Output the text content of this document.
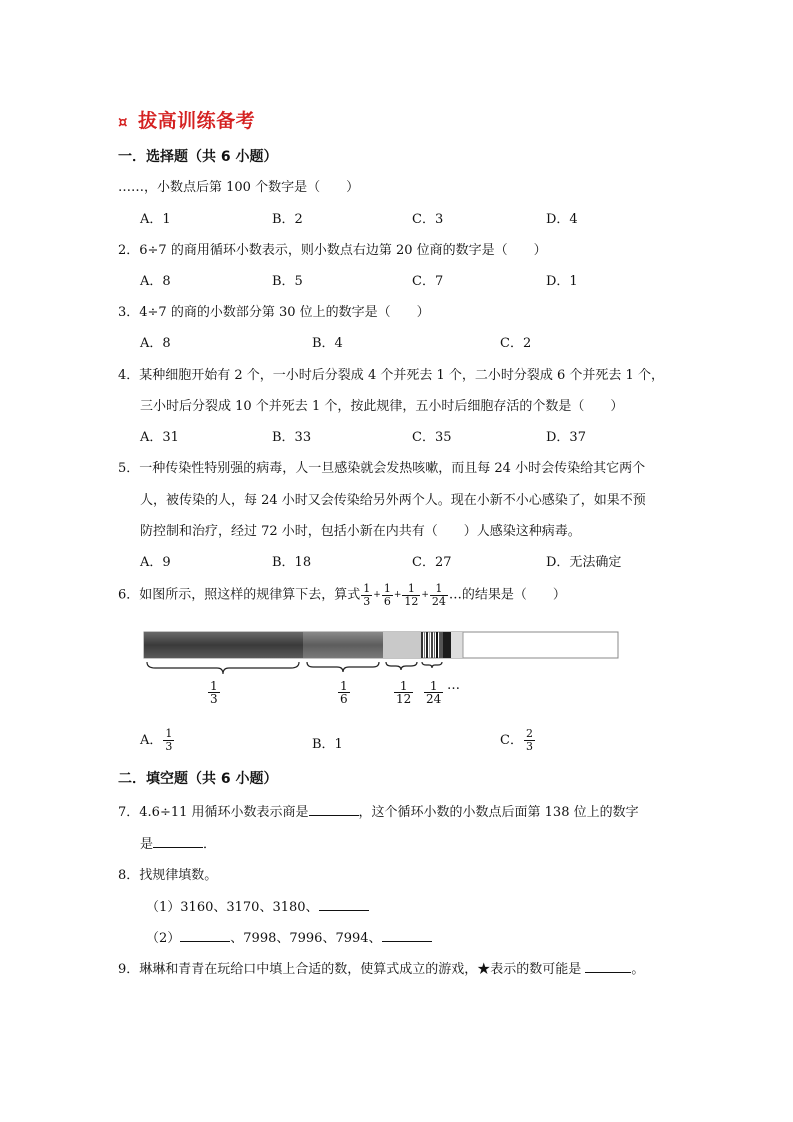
¤ 拔高训练备考
一．选择题（共 6 小题）
……，小数点后第 100 个数字是（　　）
A．1	B．2	C．3	D．4
2．6÷7 的商用循环小数表示，则小数点右边第 20 位商的数字是（　　）
A．8	B．5	C．7	D．1
3．4÷7 的商的小数部分第 30 位上的数字是（　　）
A．8	B．4	C．2
4．某种细胞开始有 2 个，一小时后分裂成 4 个并死去 1 个，二小时分裂成 6 个并死去 1 个，
三小时后分裂成 10 个并死去 1 个，按此规律，五小时后细胞存活的个数是（　　）
A．31	B．33	C．35	D．37
5．一种传染性特别强的病毒，人一旦感染就会发热咳嗽，而且每 24 小时会传染给其它两个
人，被传染的人，每 24 小时又会传染给另外两个人。现在小新不小心感染了，如果不预
防控制和治疗，经过 72 小时，包括小新在内共有（　　）人感染这种病毒。
A．9	B．18	C．27	D．无法确定
6．如图所示，照这样的规律算下去，算式 $\frac{1}{3} + \frac{1}{6} + \frac{1}{12} + \frac{1}{24}$ …的结果是（　　）
$\frac{1}{3}$	$\frac{1}{6}$	$\frac{1}{12} \frac{1}{24}$ …
A． $\frac{1}{3}$	B．1	C． $\frac{2}{3}$
二．填空题（共 6 小题）
7．4.6÷11 用循环小数表示商是	，这个循环小数的小数点后面第 138 位上的数字
是	．
8．找规律填数。
（1）3160、3170、3180、
（2）	、7998、7996、7994、
9．琳琳和青青在玩给口中填上合适的数，使算式成立的游戏，★表示的数可能是	。
